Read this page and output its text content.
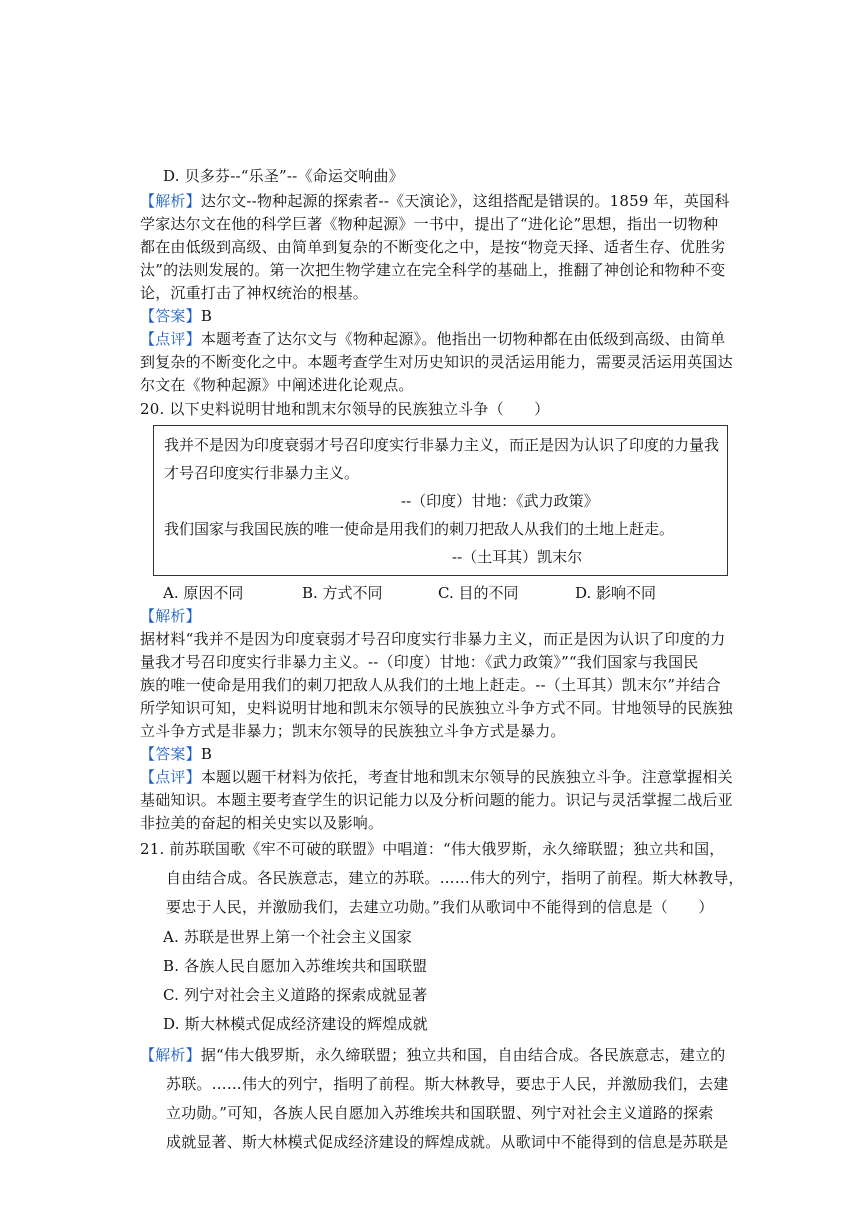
D. 贝多芬--“乐圣”--《命运交响曲》
【解析】达尔文--物种起源的探索者--《天演论》，这组搭配是错误的。1859 年，英国科
学家达尔文在他的科学巨著《物种起源》一书中，提出了“进化论”思想，指出一切物种
都在由低级到高级、由简单到复杂的不断变化之中，是按“物竞天择、适者生存、优胜劣
汰”的法则发展的。第一次把生物学建立在完全科学的基础上，推翻了神创论和物种不变
论，沉重打击了神权统治的根基。
【答案】B
【点评】本题考查了达尔文与《物种起源》。他指出一切物种都在由低级到高级、由简单
到复杂的不断变化之中。本题考查学生对历史知识的灵活运用能力，需要灵活运用英国达
尔文在《物种起源》中阐述进化论观点。
20. 以下史料说明甘地和凯末尔领导的民族独立斗争（　　）
我并不是因为印度衰弱才号召印度实行非暴力主义，而正是因为认识了印度的力量我
才号召印度实行非暴力主义。
--（印度）甘地：《武力政策》
我们国家与我国民族的唯一使命是用我们的刺刀把敌人从我们的土地上赶走。
--（土耳其）凯末尔
A. 原因不同	B. 方式不同	C. 目的不同	D. 影响不同
【解析】
据材料“我并不是因为印度衰弱才号召印度实行非暴力主义，而正是因为认识了印度的力
量我才号召印度实行非暴力主义。--（印度）甘地：《武力政策》”“我们国家与我国民
族的唯一使命是用我们的刺刀把敌人从我们的土地上赶走。--（土耳其）凯末尔”并结合
所学知识可知，史料说明甘地和凯末尔领导的民族独立斗争方式不同。甘地领导的民族独
立斗争方式是非暴力；凯末尔领导的民族独立斗争方式是暴力。
【答案】B
【点评】本题以题干材料为依托，考查甘地和凯末尔领导的民族独立斗争。注意掌握相关
基础知识。本题主要考查学生的识记能力以及分析问题的能力。识记与灵活掌握二战后亚
非拉美的奋起的相关史实以及影响。
21. 前苏联国歌《牢不可破的联盟》中唱道：“伟大俄罗斯，永久缔联盟；独立共和国，
自由结合成。各民族意志，建立的苏联。……伟大的列宁，指明了前程。斯大林教导，
要忠于人民，并激励我们，去建立功勋。”我们从歌词中不能得到的信息是（　　）
A. 苏联是世界上第一个社会主义国家
B. 各族人民自愿加入苏维埃共和国联盟
C. 列宁对社会主义道路的探索成就显著
D. 斯大林模式促成经济建设的辉煌成就
【解析】据“伟大俄罗斯，永久缔联盟；独立共和国，自由结合成。各民族意志，建立的
苏联。……伟大的列宁，指明了前程。斯大林教导，要忠于人民，并激励我们，去建
立功勋。”可知，各族人民自愿加入苏维埃共和国联盟、列宁对社会主义道路的探索
成就显著、斯大林模式促成经济建设的辉煌成就。从歌词中不能得到的信息是苏联是
